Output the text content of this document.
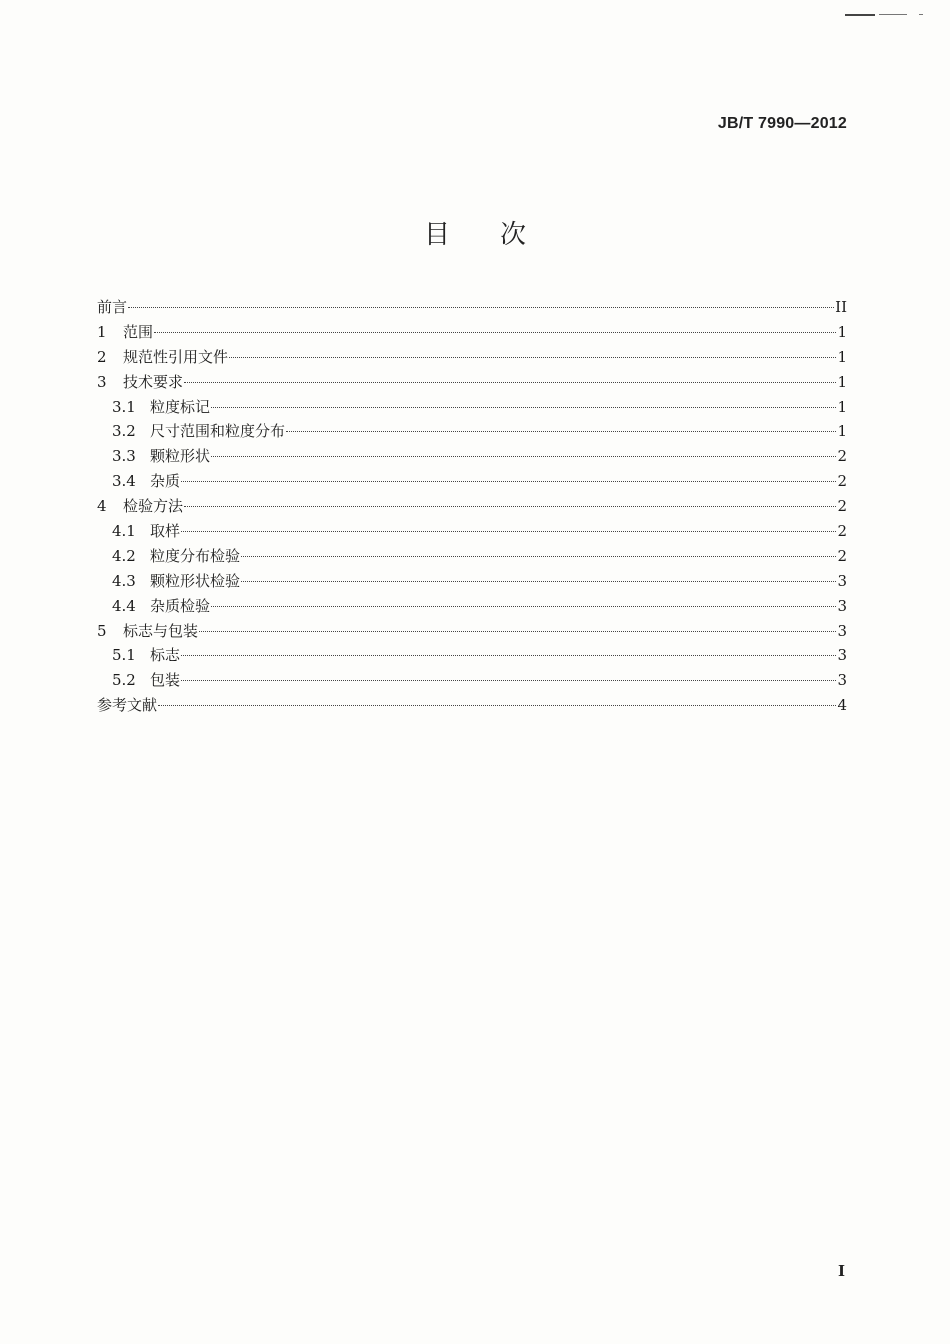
JB/T 7990—2012
目 次
前言	II
1	范围	1
2	规范性引用文件	1
3	技术要求	1
3.1 粒度标记	1
3.2 尺寸范围和粒度分布	1
3.3 颗粒形状	2
3.4 杂质	2
4	检验方法	2
4.1 取样	2
4.2 粒度分布检验	2
4.3 颗粒形状检验	3
4.4 杂质检验	3
5	标志与包装	3
5.1 标志	3
5.2 包装	3
参考文献	4
I
